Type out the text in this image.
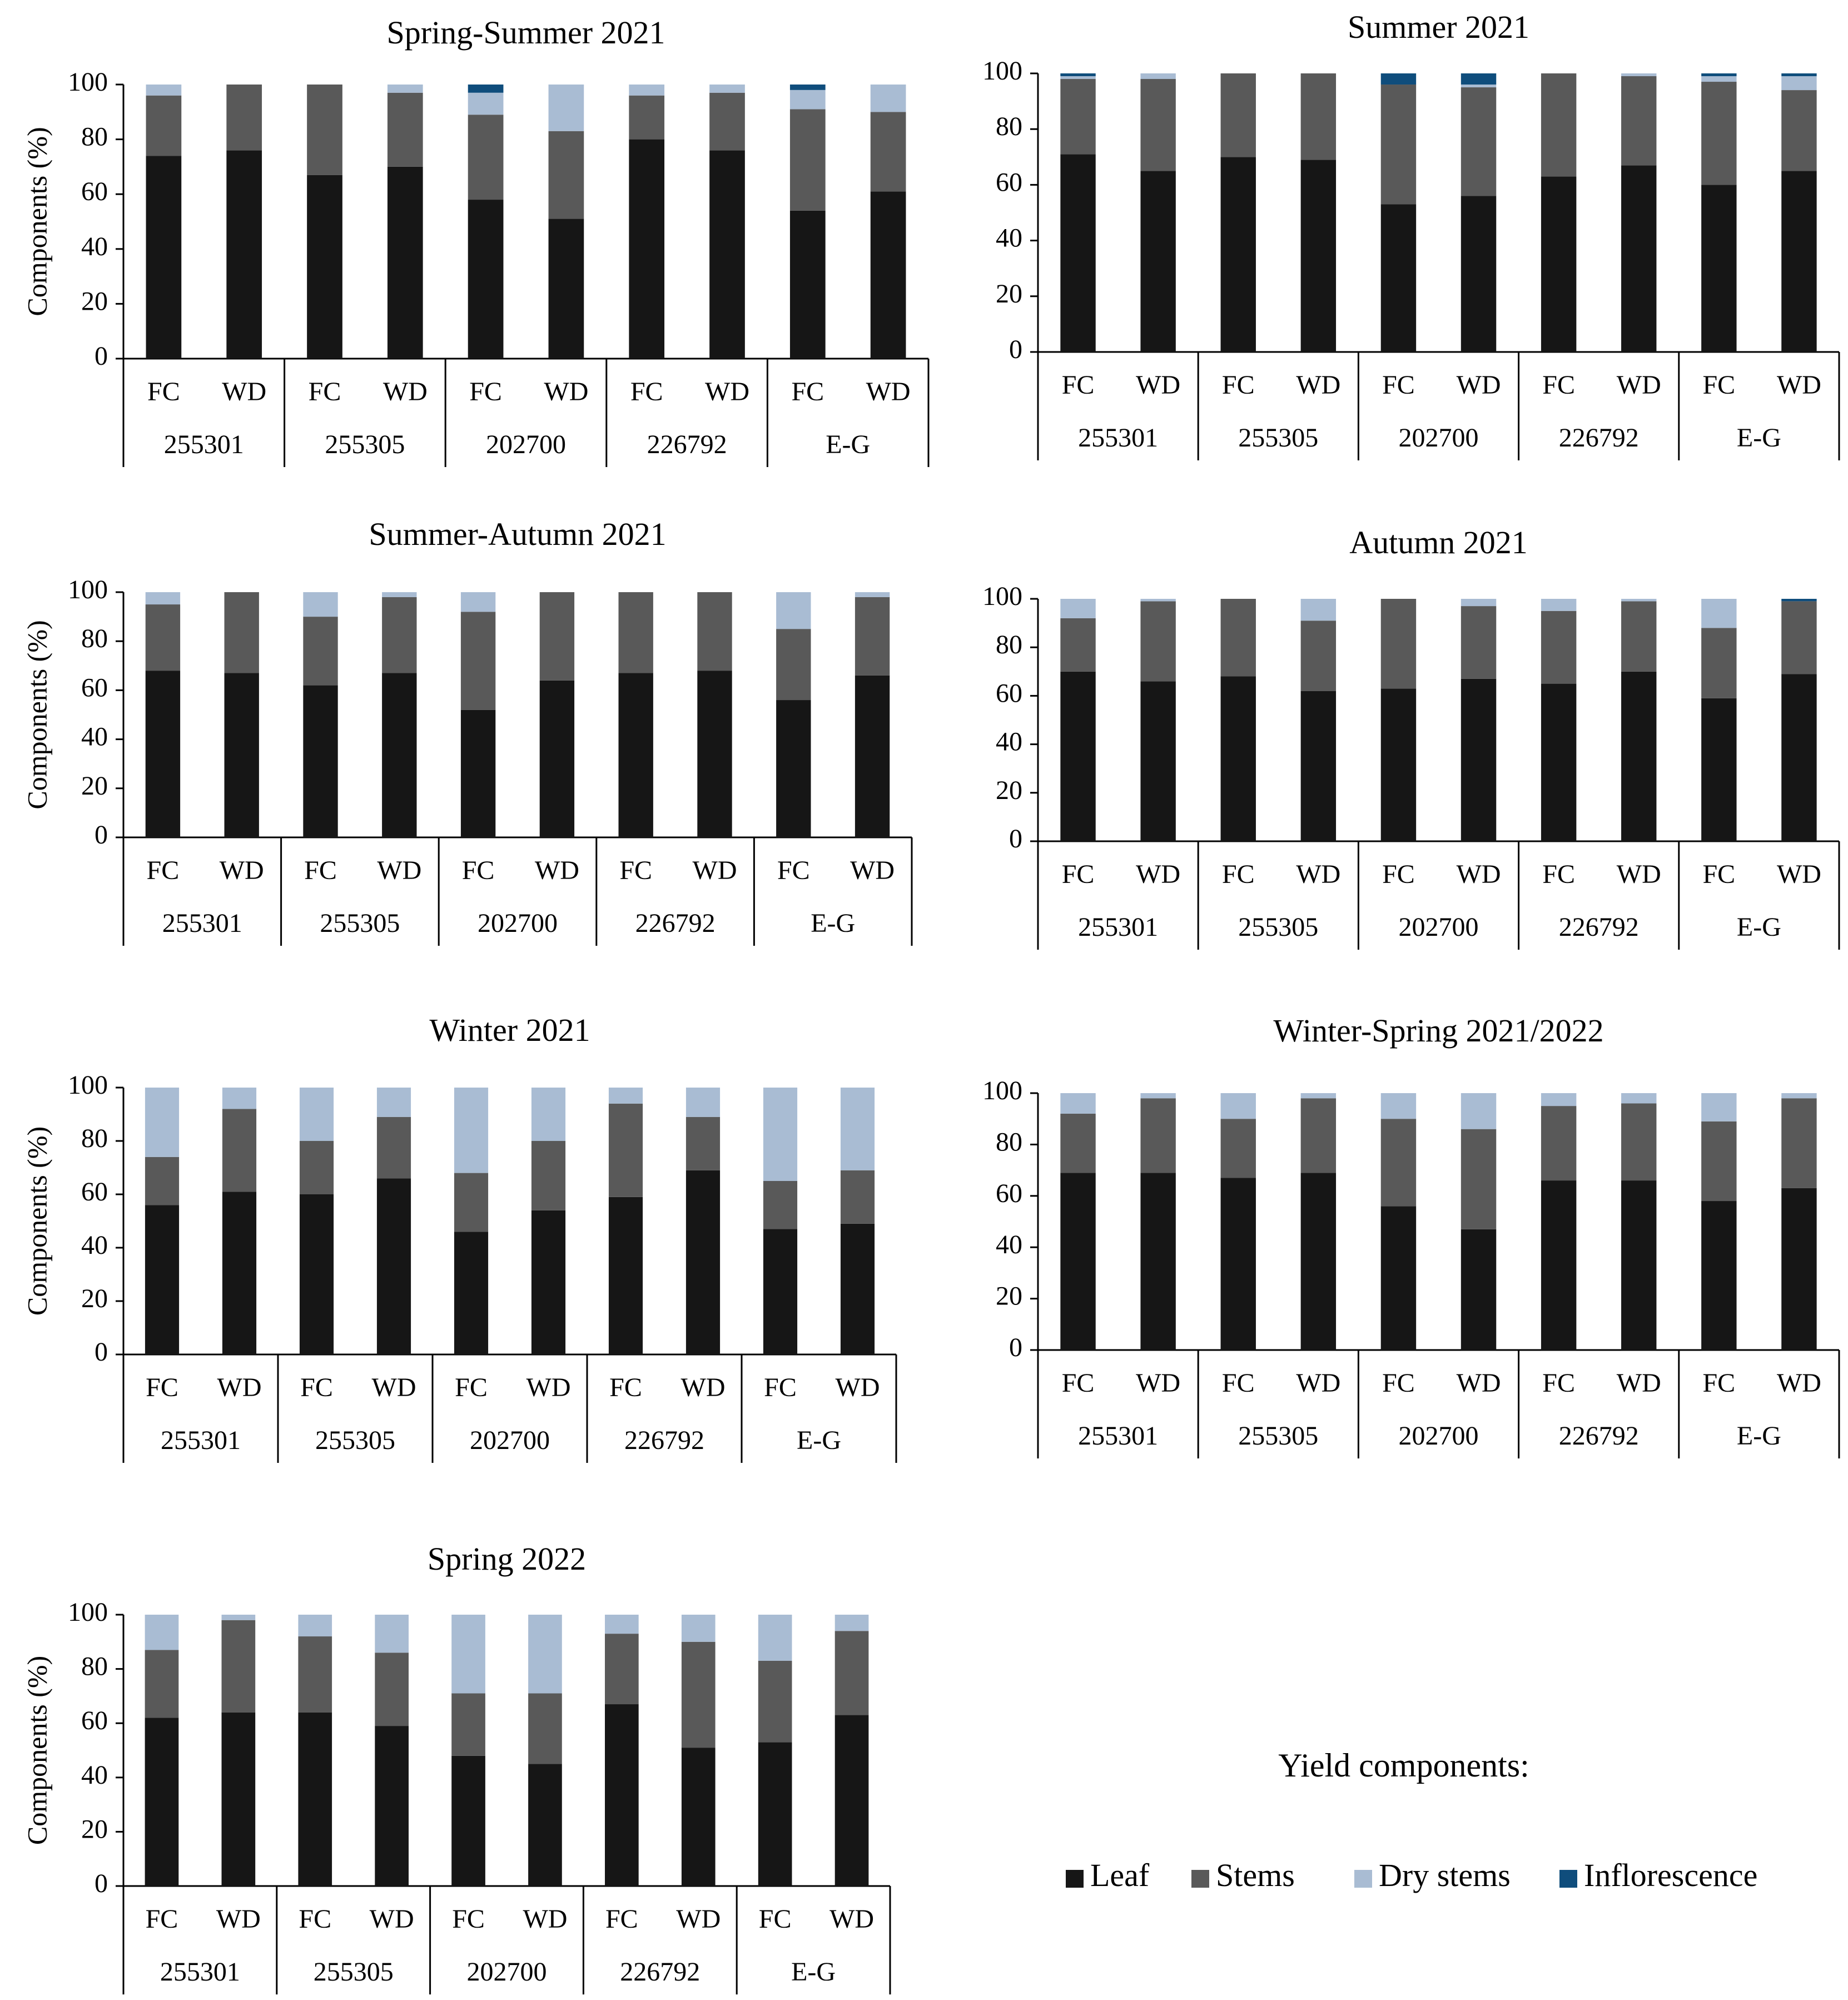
Spring-Summer 2021
Components (%)
0
20
40
60
80
100
FC WD
255301
FC WD
255305
FC WD
202700
FC WD
226792
FC WD
E-G
Summer 2021
0
20
40
60
80
100
FC WD
255301
FC WD
255305
FC WD
202700
FC WD
226792
FC WD
E-G
Summer-Autumn 2021
Components (%)
0
20
40
60
80
100
FC WD
255301
FC WD
255305
FC WD
202700
FC WD
226792
FC WD
E-G
Autumn 2021
0
20
40
60
80
100
FC WD
255301
FC WD
255305
FC WD
202700
FC WD
226792
FC WD
E-G
Winter 2021
Components (%)
0
20
40
60
80
100
FC WD
255301
FC WD
255305
FC WD
202700
FC WD
226792
FC WD
E-G
Winter-Spring 2021/2022
0
20
40
60
80
100
FC WD
255301
FC WD
255305
FC WD
202700
FC WD
226792
FC WD
E-G
Spring 2022
Components (%)
0
20
40
60
80
100
FC WD
255301
FC WD
255305
FC WD
202700
FC WD
226792
FC WD
E-G
Yield components:
Leaf Stems	Dry stems Inflorescence
